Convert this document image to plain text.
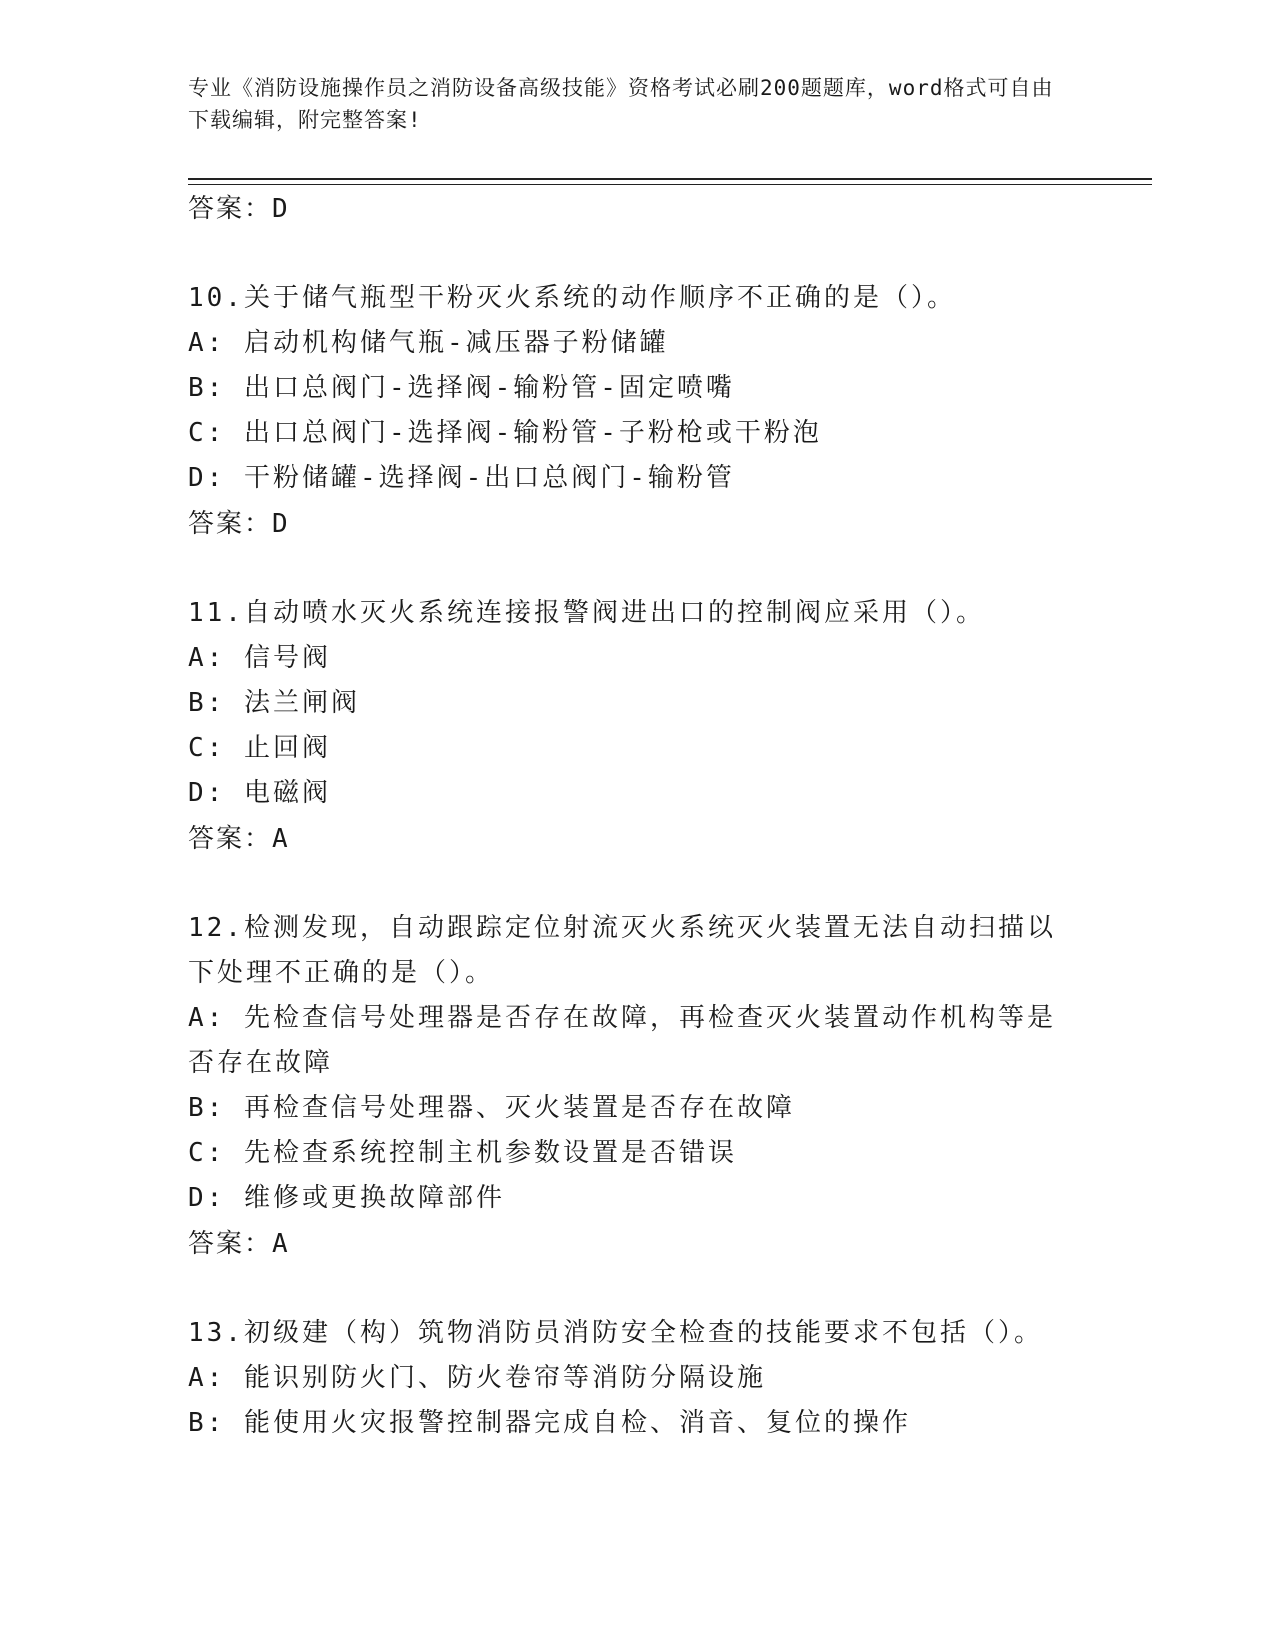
专业《消防设施操作员之消防设备高级技能》资格考试必刷200题题库，word格式可自由下载编辑，附完整答案!
答案：D
10.关于储气瓶型干粉灭火系统的动作顺序不正确的是（）。
A: 启动机构储气瓶-减压器子粉储罐
B: 出口总阀门-选择阀-输粉管-固定喷嘴
C: 出口总阀门-选择阀-输粉管-子粉枪或干粉泡
D: 干粉储罐-选择阀-出口总阀门-输粉管
答案：D
11.自动喷水灭火系统连接报警阀进出口的控制阀应采用（）。
A: 信号阀
B: 法兰闸阀
C: 止回阀
D: 电磁阀
答案：A
12.检测发现，自动跟踪定位射流灭火系统灭火装置无法自动扫描以下处理不正确的是（）。
A: 先检查信号处理器是否存在故障，再检查灭火装置动作机构等是否存在故障
B: 再检查信号处理器、灭火装置是否存在故障
C: 先检查系统控制主机参数设置是否错误
D: 维修或更换故障部件
答案：A
13.初级建（构）筑物消防员消防安全检查的技能要求不包括（）。
A: 能识别防火门、防火卷帘等消防分隔设施
B: 能使用火灾报警控制器完成自检、消音、复位的操作
